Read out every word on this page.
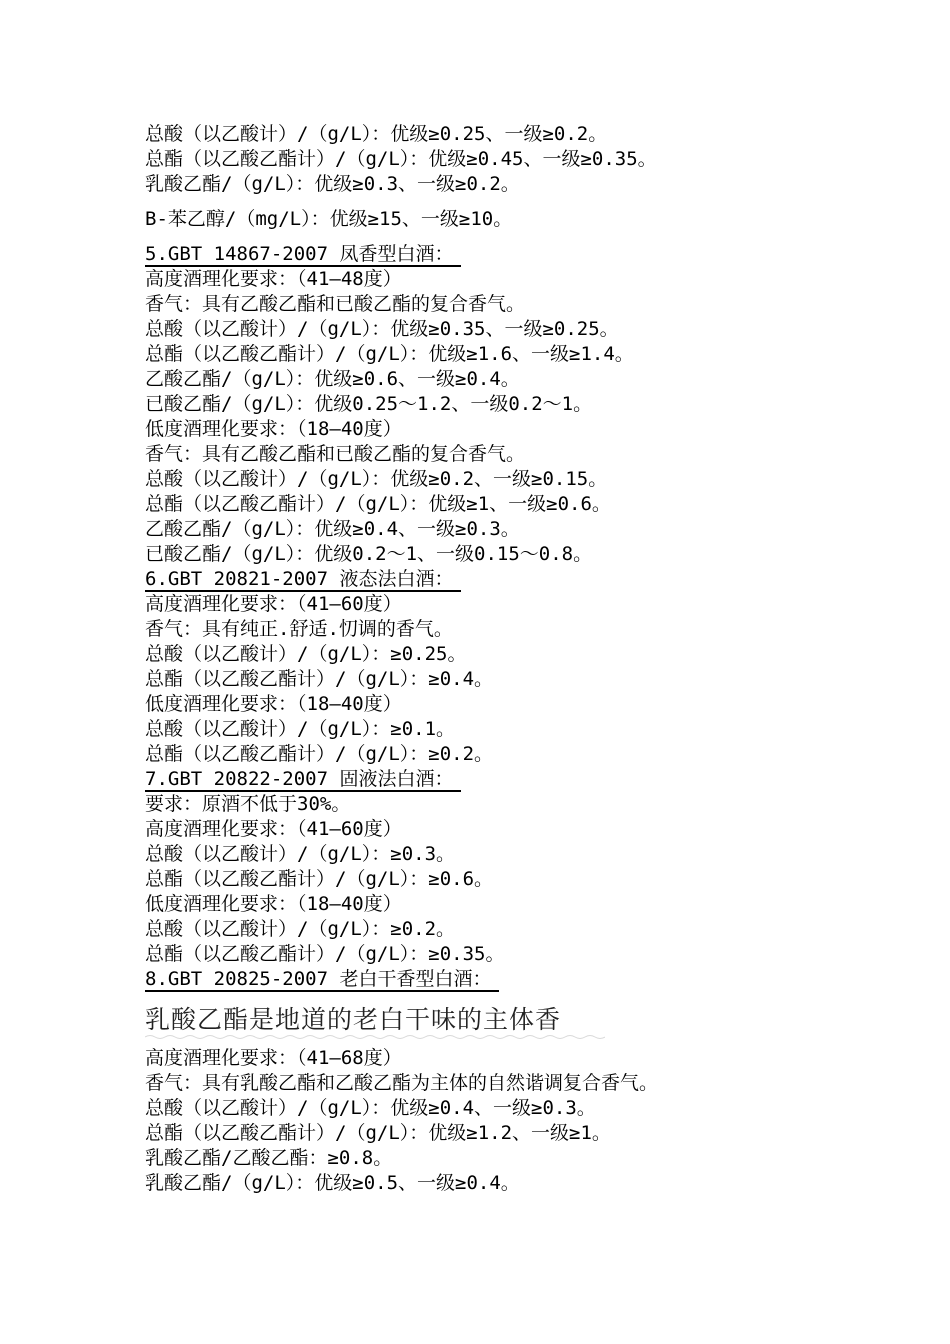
总酸（以乙酸计）/（g/L）：优级≥0.25、一级≥0.2。
总酯（以乙酸乙酯计）/（g/L）：优级≥0.45、一级≥0.35。
乳酸乙酯/（g/L）：优级≥0.3、一级≥0.2。
B-苯乙醇/（mg/L）：优级≥15、一级≥10。
5.GBT 14867-2007 凤香型白酒：
高度酒理化要求：（41—48度）
香气：具有乙酸乙酯和已酸乙酯的复合香气。
总酸（以乙酸计）/（g/L）：优级≥0.35、一级≥0.25。
总酯（以乙酸乙酯计）/（g/L）：优级≥1.6、一级≥1.4。
乙酸乙酯/（g/L）：优级≥0.6、一级≥0.4。
已酸乙酯/（g/L）：优级0.25～1.2、一级0.2～1。
低度酒理化要求：（18—40度）
香气：具有乙酸乙酯和已酸乙酯的复合香气。
总酸（以乙酸计）/（g/L）：优级≥0.2、一级≥0.15。
总酯（以乙酸乙酯计）/（g/L）：优级≥1、一级≥0.6。
乙酸乙酯/（g/L）：优级≥0.4、一级≥0.3。
已酸乙酯/（g/L）：优级0.2～1、一级0.15～0.8。
6.GBT 20821-2007 液态法白酒：
高度酒理化要求：（41—60度）
香气：具有纯正.舒适.忉调的香气。
总酸（以乙酸计）/（g/L）：≥0.25。
总酯（以乙酸乙酯计）/（g/L）：≥0.4。
低度酒理化要求：（18—40度）
总酸（以乙酸计）/（g/L）：≥0.1。
总酯（以乙酸乙酯计）/（g/L）：≥0.2。
7.GBT 20822-2007 固液法白酒：
要求：原酒不低于30%。
高度酒理化要求：（41—60度）
总酸（以乙酸计）/（g/L）：≥0.3。
总酯（以乙酸乙酯计）/（g/L）：≥0.6。
低度酒理化要求：（18—40度）
总酸（以乙酸计）/（g/L）：≥0.2。
总酯（以乙酸乙酯计）/（g/L）：≥0.35。
8.GBT 20825-2007 老白干香型白酒：
乳酸乙酯是地道的老白干味的主体香
高度酒理化要求：（41—68度）
香气：具有乳酸乙酯和乙酸乙酯为主体的自然谐调复合香气。
总酸（以乙酸计）/（g/L）：优级≥0.4、一级≥0.3。
总酯（以乙酸乙酯计）/（g/L）：优级≥1.2、一级≥1。
乳酸乙酯/乙酸乙酯：≥0.8。
乳酸乙酯/（g/L）：优级≥0.5、一级≥0.4。
